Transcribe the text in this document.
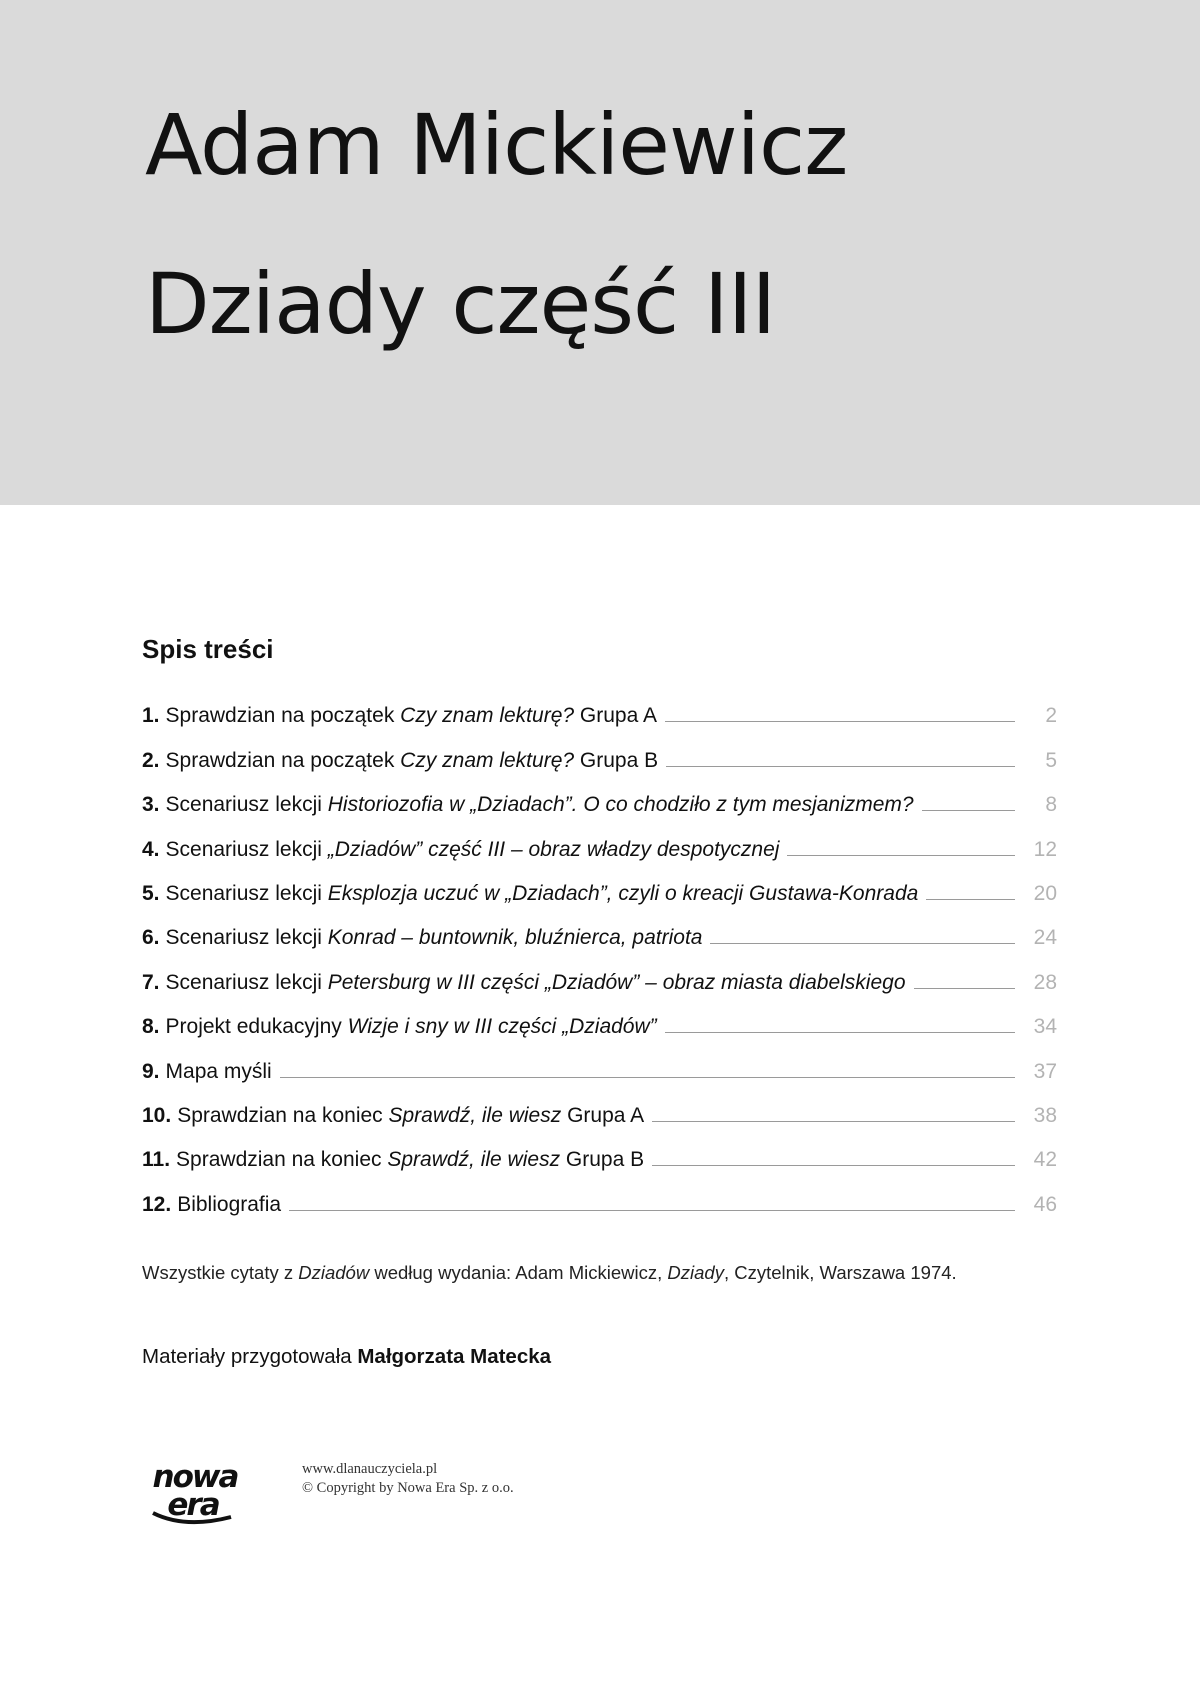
Adam Mickiewicz
Dziady część III
Spis treści
1. Sprawdzian na początek Czy znam lekturę? Grupa A	2
2. Sprawdzian na początek Czy znam lekturę? Grupa B	5
3. Scenariusz lekcji Historiozofia w „Dziadach”. O co chodziło z tym mesjanizmem?	8
4. Scenariusz lekcji „Dziadów” część III – obraz władzy despotycznej	12
5. Scenariusz lekcji Eksplozja uczuć w „Dziadach”, czyli o kreacji Gustawa-Konrada	20
6. Scenariusz lekcji Konrad – buntownik, bluźnierca, patriota	24
7. Scenariusz lekcji Petersburg w III części „Dziadów” – obraz miasta diabelskiego	28
8. Projekt edukacyjny Wizje i sny w III części „Dziadów”	34
9. Mapa myśli	37
10. Sprawdzian na koniec Sprawdź, ile wiesz Grupa A	38
11. Sprawdzian na koniec Sprawdź, ile wiesz Grupa B	42
12. Bibliografia	46

Wszystkie cytaty z Dziadów według wydania: Adam Mickiewicz, Dziady, Czytelnik, Warszawa 1974.

Materiały przygotowała Małgorzata Matecka

nowa
era
www.dlanauczyciela.pl
© Copyright by Nowa Era Sp. z o.o.
